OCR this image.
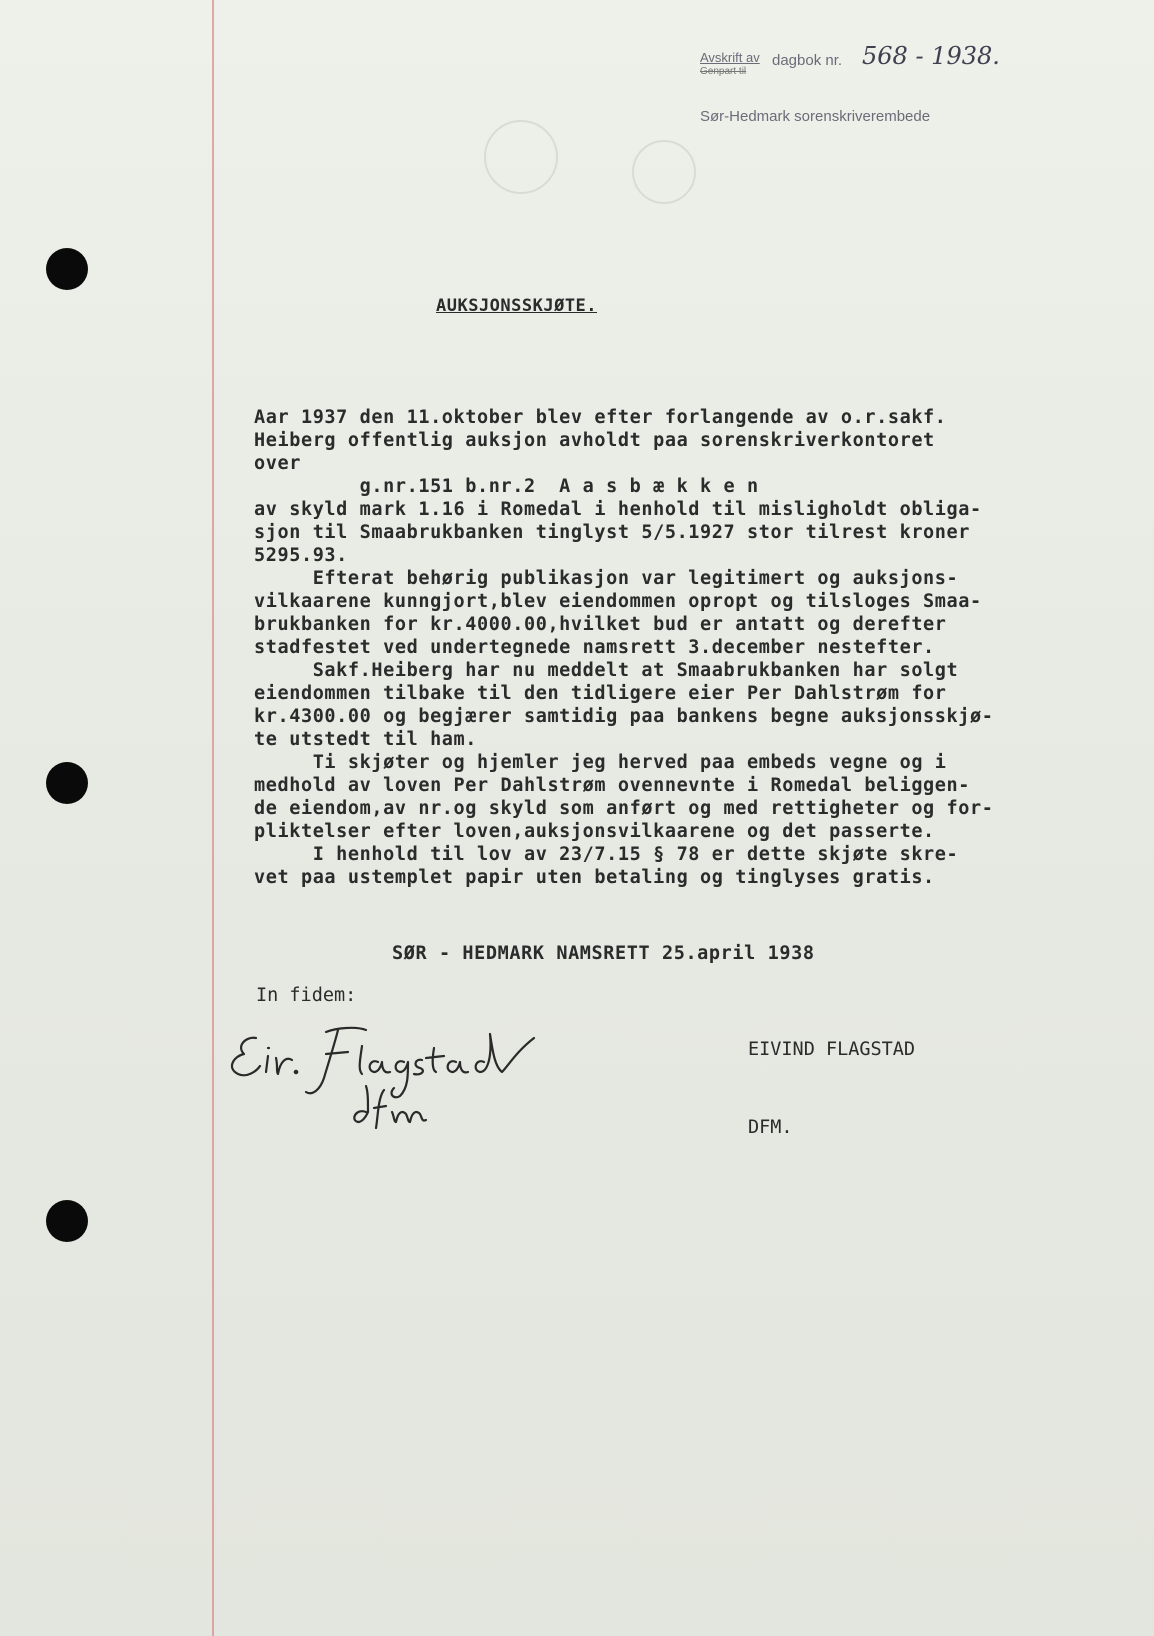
Avskrift av
Genpart til
dagbok nr. 568 - 1938.
Sør-Hedmark sorenskriverembede
AUKSJONSSKJØTE.

Aar 1937 den 11.oktober blev efter forlangende av o.r.sakf.

Heiberg offentlig auksjon avholdt paa sorenskriverkontoret

over

g.nr.151 b.nr.2  A a s b æ k k e n

av skyld mark 1.16 i Romedal i henhold til misligholdt obliga-

sjon til Smaabrukbanken tinglyst 5/5.1927 stor tilrest kroner

5295.93.

Efterat behørig publikasjon var legitimert og auksjons-

vilkaarene kunngjort,blev eiendommen opropt og tilsloges Smaa-

brukbanken for kr.4000.00,hvilket bud er antatt og derefter

stadfestet ved undertegnede namsrett 3.december nestefter.

Sakf.Heiberg har nu meddelt at Smaabrukbanken har solgt

eiendommen tilbake til den tidligere eier Per Dahlstrøm for

kr.4300.00 og begjærer samtidig paa bankens begne auksjonsskjø-

te utstedt til ham.

Ti skjøter og hjemler jeg herved paa embeds vegne og i

medhold av loven Per Dahlstrøm ovennevnte i Romedal beliggen-

de eiendom,av nr.og skyld som anført og med rettigheter og for-

pliktelser efter loven,auksjonsvilkaarene og det passerte.

I henhold til lov av 23/7.15 § 78 er dette skjøte skre-

vet paa ustemplet papir uten betaling og tinglyses gratis.

SØR - HEDMARK NAMSRETT 25.april 1938
In fidem:

EIVIND FLAGSTAD

DFM.
